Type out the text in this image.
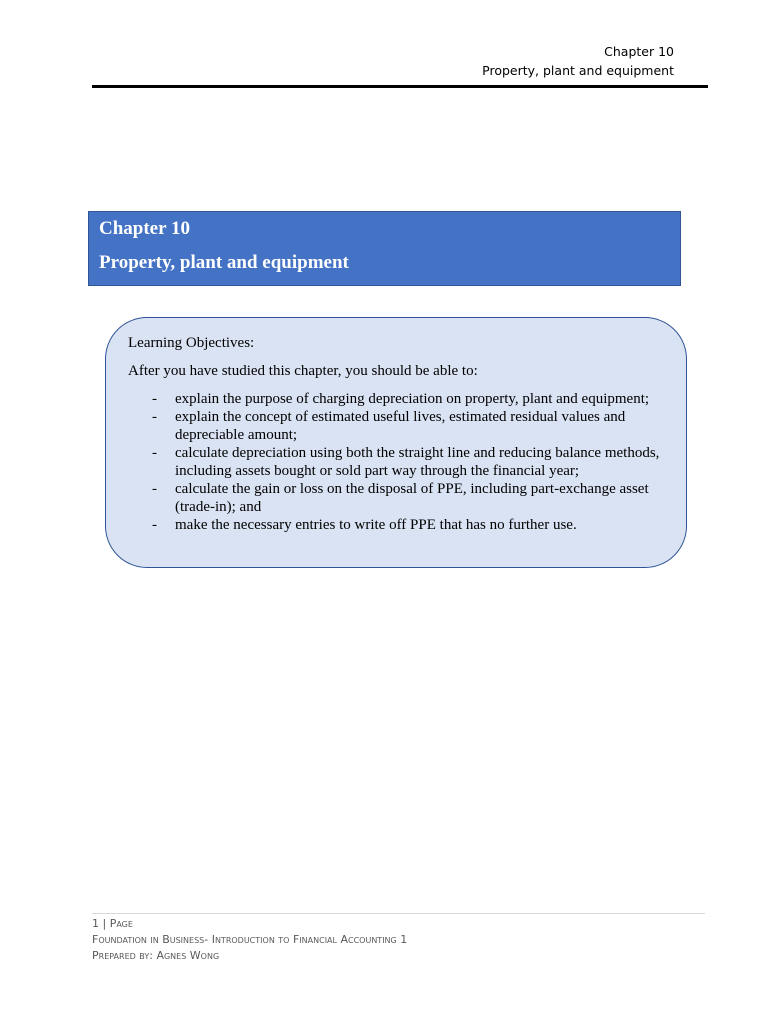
Chapter 10
Property, plant and equipment
Chapter 10
Property, plant and equipment
Learning Objectives:
After you have studied this chapter, you should be able to:
- explain the purpose of charging depreciation on property, plant and equipment;
- explain the concept of estimated useful lives, estimated residual values and depreciable amount;
- calculate depreciation using both the straight line and reducing balance methods, including assets bought or sold part way through the financial year;
- calculate the gain or loss on the disposal of PPE, including part-exchange asset (trade-in); and
- make the necessary entries to write off PPE that has no further use.
1 | Page
Foundation in Business- Introduction to Financial Accounting 1
Prepared by: Agnes Wong
